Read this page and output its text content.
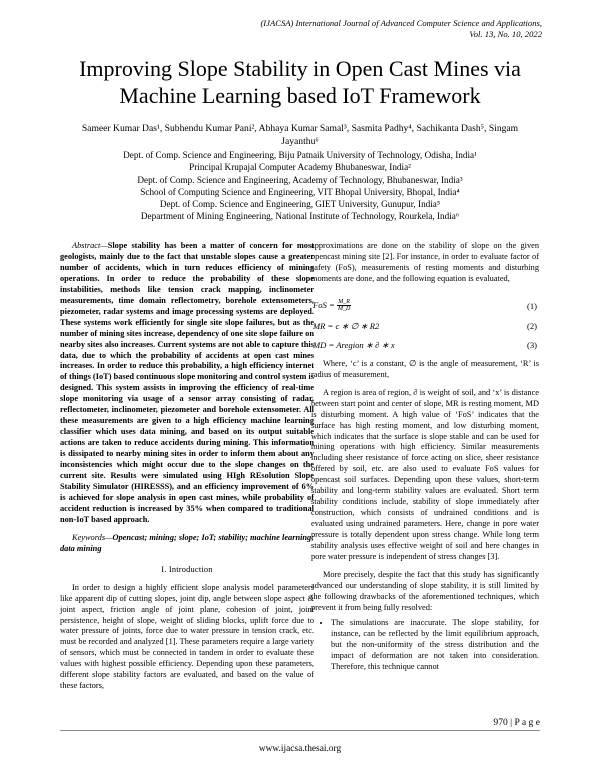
(IJACSA) International Journal of Advanced Computer Science and Applications,
Vol. 13, No. 10, 2022
Improving Slope Stability in Open Cast Mines via
Machine Learning based IoT Framework
Sameer Kumar Das¹, Subhendu Kumar Pani², Abhaya Kumar Samal³, Sasmita Padhy⁴, Sachikanta Dash⁵, Singam
Jayanthu⁶
Dept. of Comp. Science and Engineering, Biju Patnaik University of Technology, Odisha, India¹
Principal Krupajal Computer Academy Bhubaneswar, India²
Dept. of Comp. Science and Engineering, Academy of Technology, Bhubaneswar, India³
School of Computing Science and Engineering, VIT Bhopal University, Bhopal, India⁴
Dept. of Comp. Science and Engineering, GIET University, Gunupur, India⁵
Department of Mining Engineering, National Institute of Technology, Rourkela, India⁶

Abstract—Slope stability has been a matter of concern for most geologists, mainly due to the fact that unstable slopes cause a greater number of accidents, which in turn reduces efficiency of mining operations. In order to reduce the probability of these slope instabilities, methods like tension crack mapping, inclinometer measurements, time domain reflectometry, borehole extensometers, piezometer, radar systems and image processing systems are deployed. These systems work efficiently for single site slope failures, but as the number of mining sites increase, dependency of one site slope failure on nearby sites also increases. Current systems are not able to capture this data, due to which the probability of accidents at open cast mines increases. In order to reduce this probability, a high efficiency internet of things (IoT) based continuous slope monitoring and control system is designed. This system assists in improving the efficiency of real-time slope monitoring via usage of a sensor array consisting of radar, reflectometer, inclinometer, piezometer and borehole extensometer. All these measurements are given to a high efficiency machine learning classifier which uses data mining, and based on its output suitable actions are taken to reduce accidents during mining. This information is dissipated to nearby mining sites in order to inform them about any inconsistencies which might occur due to the slope changes on the current site. Results were simulated using HIgh REsolution Slope Stability Simulator (HIRESSS), and an efficiency improvement of 6% is achieved for slope analysis in open cast mines, while probability of accident reduction is increased by 35% when compared to traditional non-IoT based approach.

Keywords—Opencast; mining; slope; IoT; stability; machine learning; data mining

I. Introduction

In order to design a highly efficient slope analysis model parameters like apparent dip of cutting slopes, joint dip, angle between slope aspect & joint aspect, friction angle of joint plane, cohesion of joint, joint persistence, height of slope, weight of sliding blocks, uplift force due to water pressure of joints, force due to water pressure in tension crack, etc. must be recorded and analyzed [1]. These parameters require a large variety of sensors, which must be connected in tandem in order to evaluate these values with highest possible efficiency. Depending upon these parameters, different slope stability factors are evaluated, and based on the value of these factors,

approximations are done on the stability of slope on the given opencast mining site [2]. For instance, in order to evaluate factor of safety (FoS), measurements of resting moments and disturbing moments are done, and the following equation is evaluated,

FoS = $\frac{M\_R}{M\_D}$	(1)
MR = c ∗ ∅ ∗ R2	(2)
MD = Aregion ∗ ∂ ∗ x	(3)

Where, ‘c’ is a constant, ∅ is the angle of measurement, ‘R’ is radius of measurement,

A region is area of region, ∂ is weight of soil, and ‘x’ is distance between start point and center of slope, MR is resting moment, MD is disturbing moment. A high value of ‘FoS’ indicates that the surface has high resting moment, and low disturbing moment, which indicates that the surface is slope stable and can be used for mining operations with high efficiency. Similar measurements including sheer resistance of force acting on slice, sheer resistance offered by soil, etc. are also used to evaluate FoS values for opencast soil surfaces. Depending upon these values, short-term stability and long-term stability values are evaluated. Short term stability conditions include, stability of slope immediately after construction, which consists of undrained conditions and is evaluated using undrained parameters. Here, change in pore water pressure is totally dependent upon stress change. While long term stability analysis uses effective weight of soil and here changes in pore water pressure is independent of stress changes [3].

More precisely, despite the fact that this study has significantly advanced our understanding of slope stability, it is still limited by the following drawbacks of the aforementioned techniques, which prevent it from being fully resolved:

• The simulations are inaccurate. The slope stability, for instance, can be reflected by the limit equilibrium approach, but the non-uniformity of the stress distribution and the impact of deformation are not taken into consideration. Therefore, this technique cannot
970 | P a g e
www.ijacsa.thesai.org
